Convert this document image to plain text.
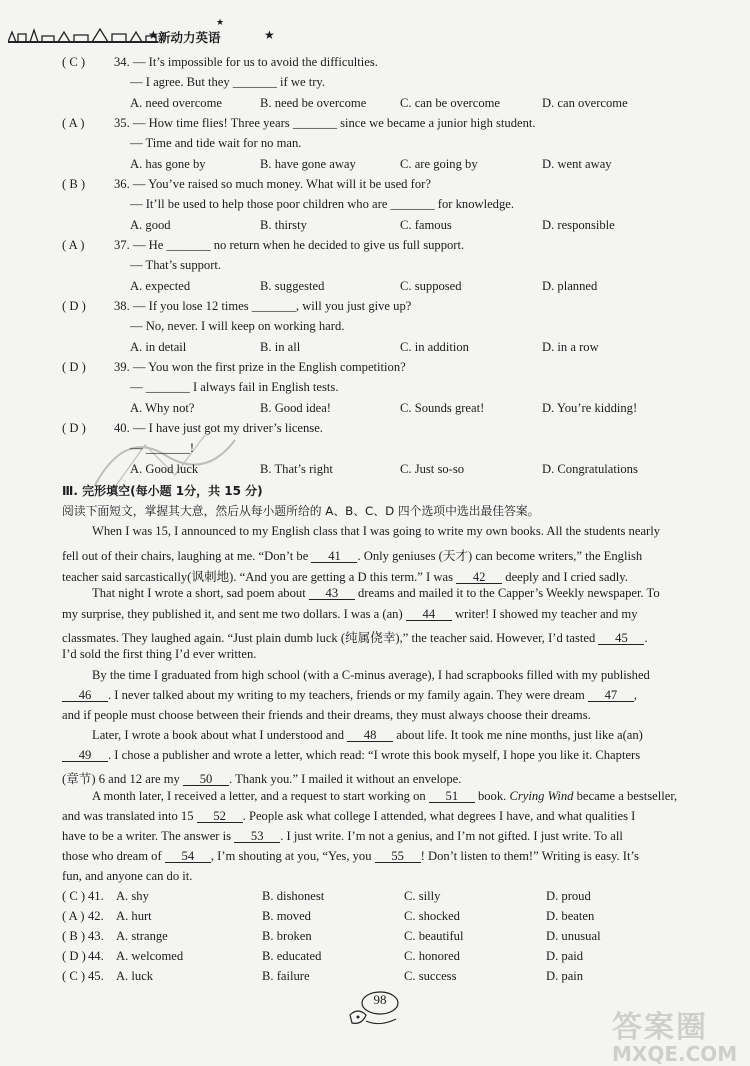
★ 新动力英语
★
★
( C ) 34. — It’s impossible for us to avoid the difficulties.
— I agree. But they _______ if we try.
A. need overcome	B. need be overcome	C. can be overcome	D. can overcome
( A ) 35. — How time flies! Three years _______ since we became a junior high student.
— Time and tide wait for no man.
A. has gone by	B. have gone away	C. are going by	D. went away
( B ) 36. — You’ve raised so much money. What will it be used for?
— It’ll be used to help those poor children who are _______ for knowledge.
A. good	B. thirsty	C. famous	D. responsible
( A ) 37. — He _______ no return when he decided to give us full support.
— That’s support.
A. expected	B. suggested	C. supposed	D. planned
( D ) 38. — If you lose 12 times _______, will you just give up?
— No, never. I will keep on working hard.
A. in detail	B. in all	C. in addition	D. in a row
( D ) 39. — You won the first prize in the English competition?
— _______ I always fail in English tests.
A. Why not?	B. Good idea!	C. Sounds great!	D. You’re kidding!
( D ) 40. — I have just got my driver’s license.
— _______!
A. Good luck	B. That’s right	C. Just so-so	D. Congratulations
Ⅲ. 完形填空(每小题 1分，共 15 分)
阅读下面短文，掌握其大意，然后从每小题所给的 A、B、C、D 四个选项中选出最佳答案。
When I was 15, I announced to my English class that I was going to write my own books. All the students nearly
fell out of their chairs, laughing at me. “Don’t be 41 . Only geniuses (天才) can become writers,” the English
teacher said sarcastically(讽刺地). “And you are getting a D this term.” I was 42 deeply and I cried sadly.
That night I wrote a short, sad poem about 43 dreams and mailed it to the Capper’s Weekly newspaper. To
my surprise, they published it, and sent me two dollars. I was a (an) 44 writer! I showed my teacher and my
classmates. They laughed again. “Just plain dumb luck (纯属侥幸),” the teacher said. However, I’d tasted 45 .
I’d sold the first thing I’d ever written.
By the time I graduated from high school (with a C-minus average), I had scrapbooks filled with my published
46 . I never talked about my writing to my teachers, friends or my family again. They were dream 47 ,
and if people must choose between their friends and their dreams, they must always choose their dreams.
Later, I wrote a book about what I understood and 48 about life. It took me nine months, just like a(an)
49 . I chose a publisher and wrote a letter, which read: “I wrote this book myself, I hope you like it. Chapters
(章节) 6 and 12 are my 50 . Thank you.” I mailed it without an envelope.
A month later, I received a letter, and a request to start working on 51 book. Crying Wind became a bestseller,
and was translated into 15 52 . People ask what college I attended, what degrees I have, and what qualities I
have to be a writer. The answer is 53 . I just write. I’m not a genius, and I’m not gifted. I just write. To all
those who dream of 54 , I’m shouting at you, “Yes, you 55 ! Don’t listen to them!” Writing is easy. It’s
fun, and anyone can do it.
( C ) 41. A. shy	B. dishonest	C. silly	D. proud
( A ) 42. A. hurt	B. moved	C. shocked	D. beaten
( B ) 43. A. strange	B. broken	C. beautiful	D. unusual
( D ) 44. A. welcomed	B. educated	C. honored	D. paid
( C ) 45. A. luck	B. failure	C. success	D. pain
98
答案圈
MXQE.COM
